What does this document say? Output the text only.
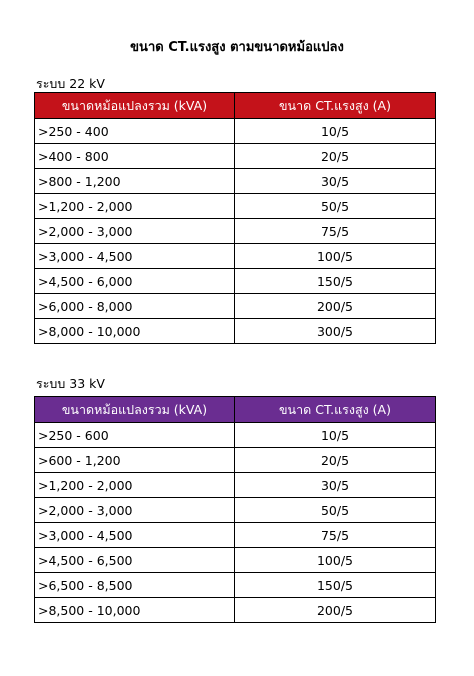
ขนาด CT.แรงสูง ตามขนาดหม้อแปลง
ระบบ 22 kV
ขนาดหม้อแปลงรวม (kVA)	ขนาด CT.แรงสูง (A)
>250 - 400	10/5
>400 - 800	20/5
>800 - 1,200	30/5
>1,200 - 2,000	50/5
>2,000 - 3,000	75/5
>3,000 - 4,500	100/5
>4,500 - 6,000	150/5
>6,000 - 8,000	200/5
>8,000 - 10,000	300/5
ระบบ 33 kV
ขนาดหม้อแปลงรวม (kVA)	ขนาด CT.แรงสูง (A)
>250 - 600	10/5
>600 - 1,200	20/5
>1,200 - 2,000	30/5
>2,000 - 3,000	50/5
>3,000 - 4,500	75/5
>4,500 - 6,500	100/5
>6,500 - 8,500	150/5
>8,500 - 10,000	200/5
